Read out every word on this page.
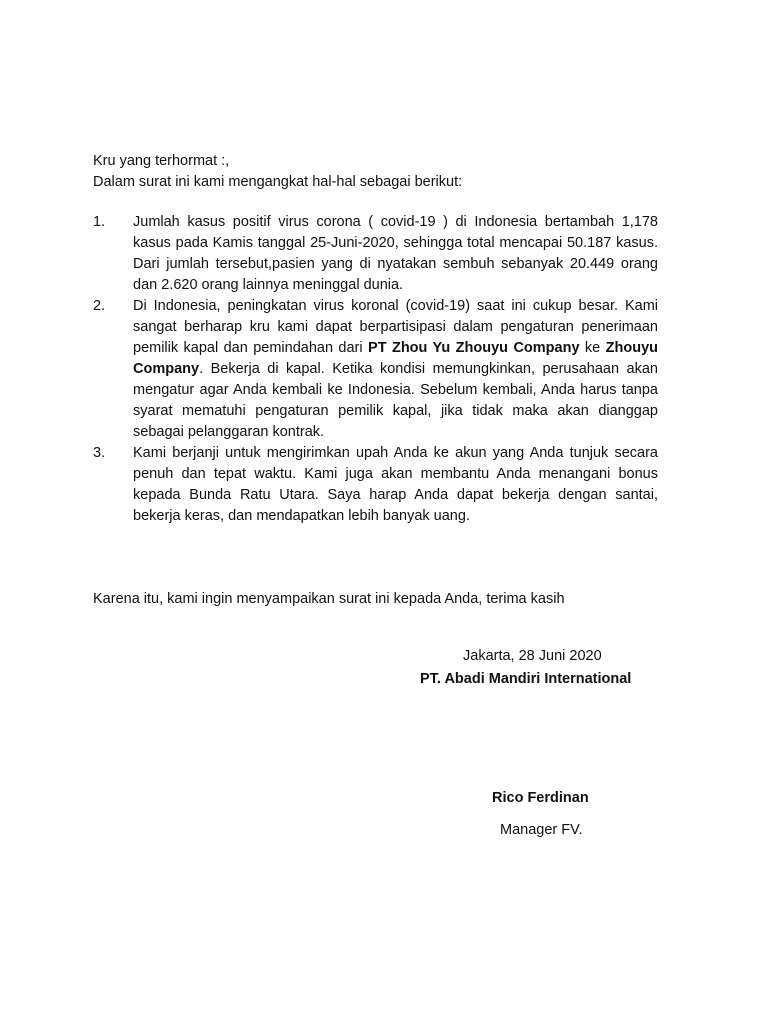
Kru yang terhormat :,
Dalam surat ini kami mengangkat hal-hal sebagai berikut:
1. Jumlah kasus positif virus corona ( covid-19 ) di Indonesia bertambah 1,178 kasus pada Kamis tanggal 25-Juni-2020, sehingga total mencapai 50.187 kasus. Dari jumlah tersebut,pasien yang di nyatakan sembuh sebanyak 20.449 orang dan 2.620 orang lainnya meninggal dunia.
2. Di Indonesia, peningkatan virus koronal (covid-19) saat ini cukup besar. Kami sangat berharap kru kami dapat berpartisipasi dalam pengaturan penerimaan pemilik kapal dan pemindahan dari PT Zhou Yu Zhouyu Company ke Zhouyu Company. Bekerja di kapal. Ketika kondisi memungkinkan, perusahaan akan mengatur agar Anda kembali ke Indonesia. Sebelum kembali, Anda harus tanpa syarat mematuhi pengaturan pemilik kapal, jika tidak maka akan dianggap sebagai pelanggaran kontrak.
3. Kami berjanji untuk mengirimkan upah Anda ke akun yang Anda tunjuk secara penuh dan tepat waktu. Kami juga akan membantu Anda menangani bonus kepada Bunda Ratu Utara. Saya harap Anda dapat bekerja dengan santai, bekerja keras, dan mendapatkan lebih banyak uang.
Karena itu, kami ingin menyampaikan surat ini kepada Anda, terima kasih
Jakarta, 28 Juni 2020
PT. Abadi Mandiri International
Rico Ferdinan
Manager FV.
